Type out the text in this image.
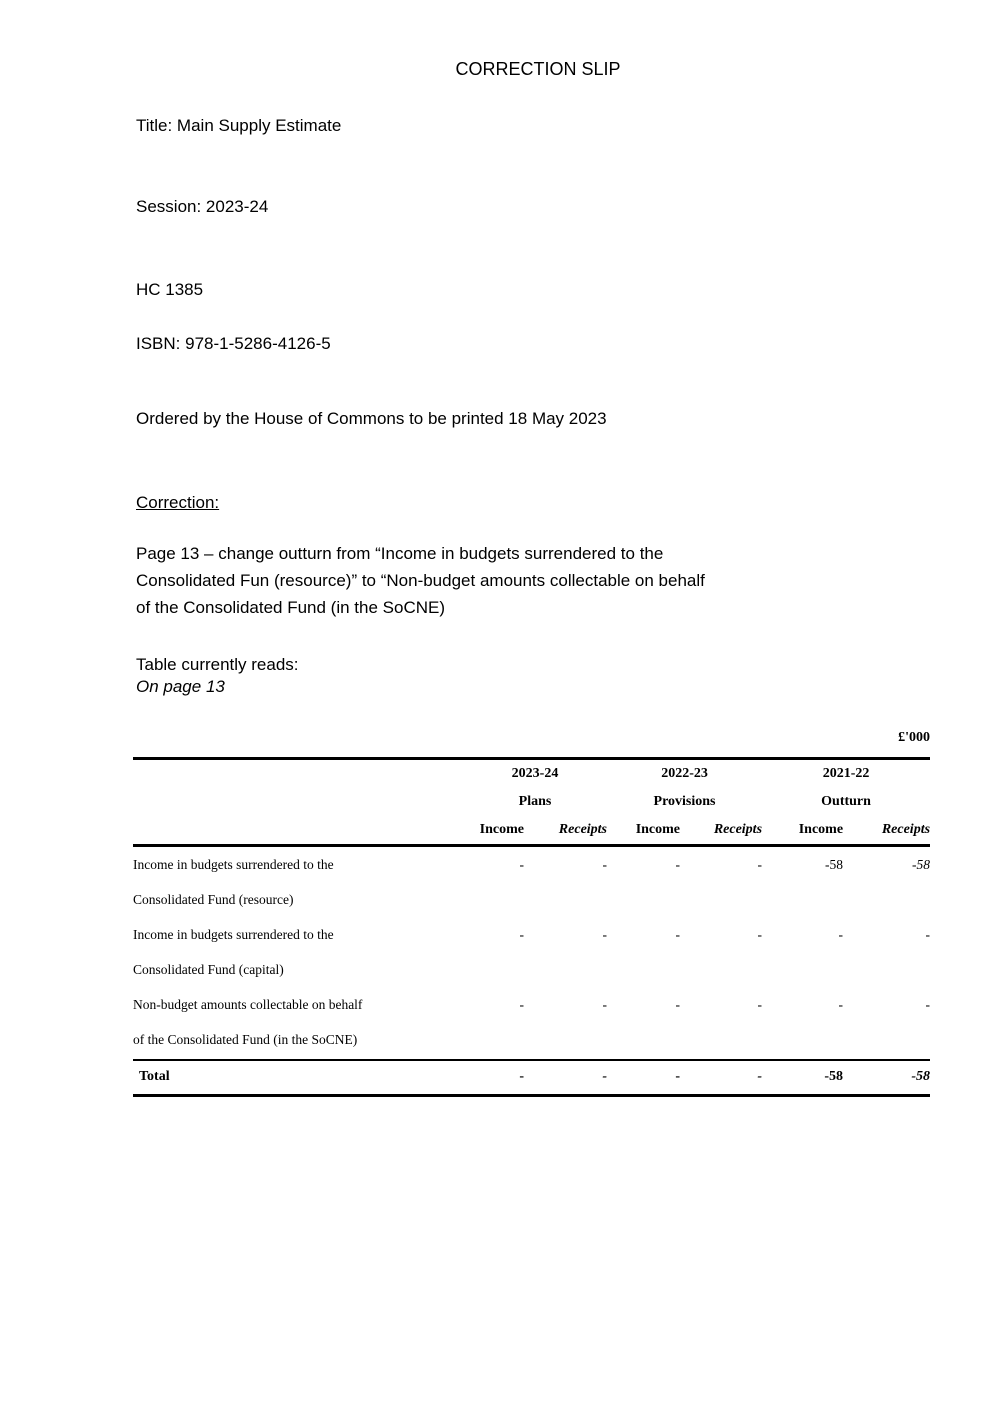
CORRECTION SLIP
Title: Main Supply Estimate
Session: 2023-24
HC 1385
ISBN: 978-1-5286-4126-5
Ordered by the House of Commons to be printed 18 May 2023
Correction:
Page 13 – change outturn from “Income in budgets surrendered to the
Consolidated Fun (resource)” to “Non-budget amounts collectable on behalf
of the Consolidated Fund (in the SoCNE)
Table currently reads:
On page 13
£'000
	2023-24		2022-23		2021-22	
	Plans		Provisions		Outturn	
	Income	Receipts	Income	Receipts	Income	Receipts

Income in budgets surrendered to the
Consolidated Fund (resource)	-	-	-	-	-58	-58

Income in budgets surrendered to the
Consolidated Fund (capital)	-	-	-	-	-	-

Non-budget amounts collectable on behalf
of the Consolidated Fund (in the SoCNE)	-	-	-	-	-	-
Total	-	-	-	-	-58	-58
